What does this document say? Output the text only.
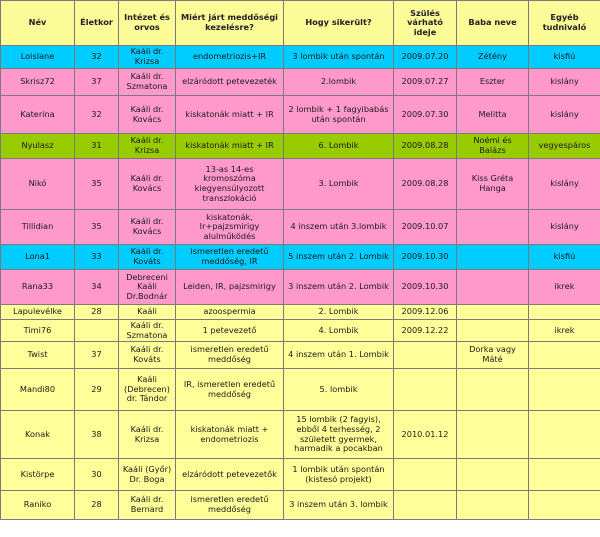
Név	Életkor	Intézet és orvos	Miért járt meddőségi kezelésre?	Hogy sikerült?	Szülés várható ideje	Baba neve	Egyéb tudnivaló
Loislane	32	Kaáli dr. Krizsa	endometriozis+IR	3 lombik után spontán	2009.07.20	Zétény	kisfiú
Skrisz72	37	Kaáli dr. Szmatona	elzáródott petevezeték	2.lombik	2009.07.27	Eszter	kislány
Katerina	32	Kaáli dr. Kovács	kiskatonák miatt + IR	2 lombik + 1 fagyibabás után spontán	2009.07.30	Melitta	kislány
Nyulasz	31	Kaáli dr. Krizsa	kiskatonák miatt + IR	6. Lombik	2009.08.28	Noémi és Balázs	vegyespáros
Nikó	35	Kaáli dr. Kovács	13-as 14-es kromoszóma kiegyensúlyozott transzlokáció	3. Lombik	2009.08.28	Kiss Gréta Hanga	kislány
Tillidian	35	Kaáli dr. Kovács	kiskatonák, Ir+pajzsmirigy alulműködés	4 inszem után 3.lombik	2009.10.07		kislány
Lona1	33	Kaáli dr. Kováts	ismeretlen eredetű meddőség, IR	5 inszem után 2. Lombik	2009.10.30		kisfiú
Rana33	34	Debreceni Kaáli Dr.Bodnár	Leiden, IR, pajzsmirigy	3 inszem után 2. Lombik	2009.10.30		ikrek
Lapulevélke	28	Kaáli	azoospermia	2. Lombik	2009.12.06		
Timi76		Kaáli dr. Szmatona	1 petevezető	4. Lombik	2009.12.22		ikrek
Twist	37	Kaáli dr. Kováts	ismeretlen eredetű meddőség	4 inszem után 1. Lombik		Dorka vagy Máté	
Mandi80	29	Kaáli (Debrecen) dr. Tándor	IR, ismeretlen eredetű meddőség	5. lombik			
Konak	38	Kaáli dr. Krizsa	kiskatonák miatt + endometriozis	15 lombik (2 fagyis), ebből 4 terhesség, 2 született gyermek, harmadik a pocakban	2010.01.12		
Kistörpe	30	Kaáli (Győr) Dr. Boga	elzáródott petevezetők	1 lombik után spontán (kistesó projekt)			
Raniko	28	Kaáli dr. Bernard	ismeretlen eredetű meddőség	3 inszem után 3. lombik			
